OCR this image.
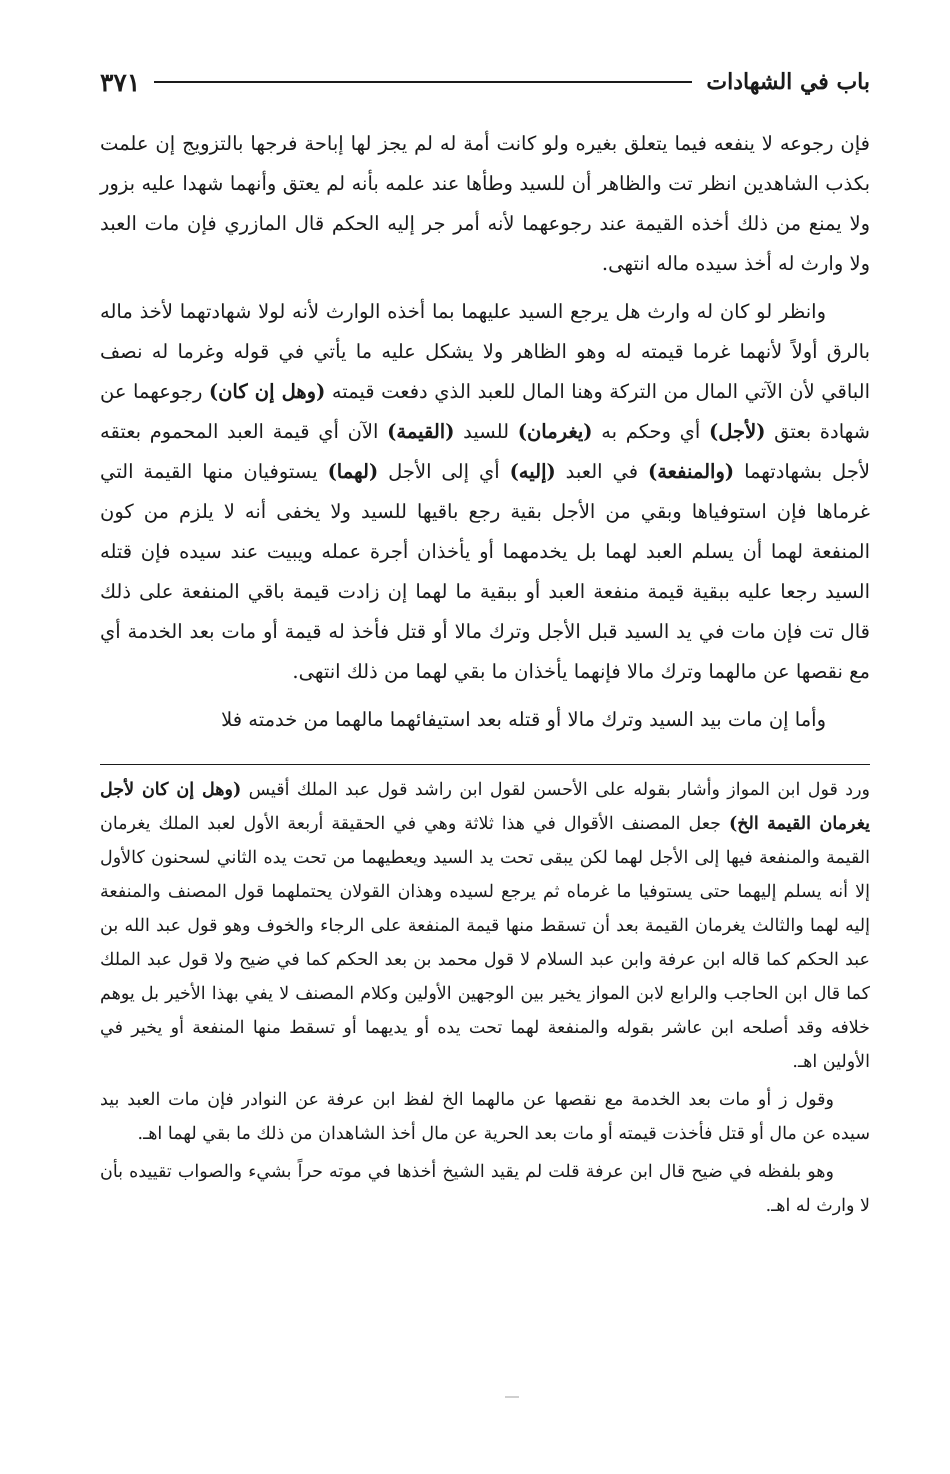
باب في الشهادات
٣٧١

فإن رجوعه لا ينفعه فيما يتعلق بغيره ولو كانت أمة له لم يجز لها إباحة فرجها بالتزويج إن علمت بكذب الشاهدين انظر تت والظاهر أن للسيد وطأها عند علمه بأنه لم يعتق وأنهما شهدا عليه بزور ولا يمنع من ذلك أخذه القيمة عند رجوعهما لأنه أمر جر إليه الحكم قال المازري فإن مات العبد ولا وارث له أخذ سيده ماله انتهى.

وانظر لو كان له وارث هل يرجع السيد عليهما بما أخذه الوارث لأنه لولا شهادتهما لأخذ ماله بالرق أولاً لأنهما غرما قيمته له وهو الظاهر ولا يشكل عليه ما يأتي في قوله وغرما له نصف الباقي لأن الآتي المال من التركة وهنا المال للعبد الذي دفعت قيمته (وهل إن كان) رجوعهما عن شهادة بعتق (لأجل) أي وحكم به (يغرمان) للسيد (القيمة) الآن أي قيمة العبد المحموم بعتقه لأجل بشهادتهما (والمنفعة) في العبد (إليه) أي إلى الأجل (لهما) يستوفيان منها القيمة التي غرماها فإن استوفياها وبقي من الأجل بقية رجع باقيها للسيد ولا يخفى أنه لا يلزم من كون المنفعة لهما أن يسلم العبد لهما بل يخدمهما أو يأخذان أجرة عمله ويبيت عند سيده فإن قتله السيد رجعا عليه ببقية قيمة منفعة العبد أو ببقية ما لهما إن زادت قيمة باقي المنفعة على ذلك قال تت فإن مات في يد السيد قبل الأجل وترك مالا أو قتل فأخذ له قيمة أو مات بعد الخدمة أي مع نقصها عن مالهما وترك مالا فإنهما يأخذان ما بقي لهما من ذلك انتهى.

وأما إن مات بيد السيد وترك مالا أو قتله بعد استيفائهما مالهما من خدمته فلا

ورد قول ابن المواز وأشار بقوله على الأحسن لقول ابن راشد قول عبد الملك أقيس (وهل إن كان لأجل يغرمان القيمة الخ) جعل المصنف الأقوال في هذا ثلاثة وهي في الحقيقة أربعة الأول لعبد الملك يغرمان القيمة والمنفعة فيها إلى الأجل لهما لكن يبقى تحت يد السيد ويعطيهما من تحت يده الثاني لسحنون كالأول إلا أنه يسلم إليهما حتى يستوفيا ما غرماه ثم يرجع لسيده وهذان القولان يحتملهما قول المصنف والمنفعة إليه لهما والثالث يغرمان القيمة بعد أن تسقط منها قيمة المنفعة على الرجاء والخوف وهو قول عبد الله بن عبد الحكم كما قاله ابن عرفة وابن عبد السلام لا قول محمد بن بعد الحكم كما في ضيح ولا قول عبد الملك كما قال ابن الحاجب والرابع لابن المواز يخير بين الوجهين الأولين وكلام المصنف لا يفي بهذا الأخير بل يوهم خلافه وقد أصلحه ابن عاشر بقوله والمنفعة لهما تحت يده أو يديهما أو تسقط منها المنفعة أو يخير في الأولين اهـ.

وقول ز أو مات بعد الخدمة مع نقصها عن مالهما الخ لفظ ابن عرفة عن النوادر فإن مات العبد بيد سيده عن مال أو قتل فأخذت قيمته أو مات بعد الحرية عن مال أخذ الشاهدان من ذلك ما بقي لهما اهـ.

وهو بلفظه في ضيح قال ابن عرفة قلت لم يقيد الشيخ أخذها في موته حراً بشيء والصواب تقييده بأن لا وارث له اهـ.
